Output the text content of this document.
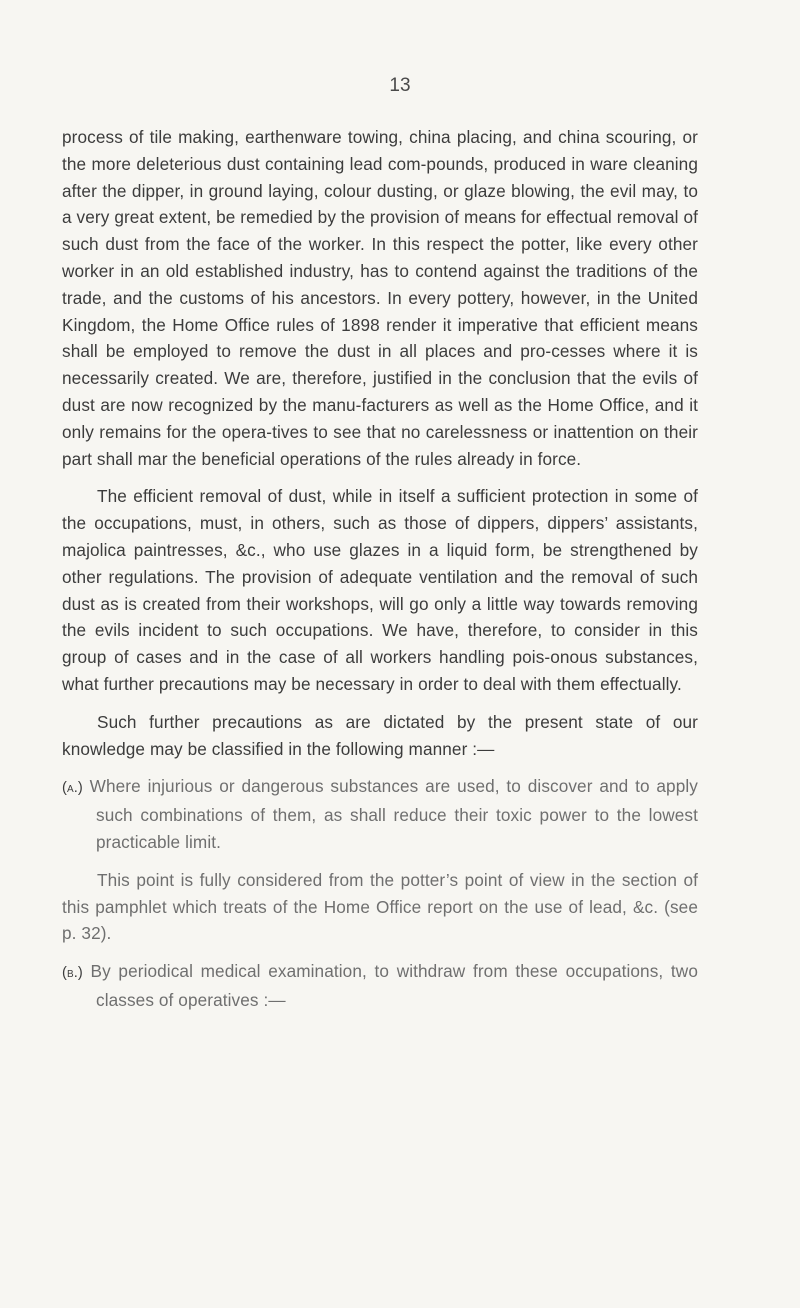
13

process of tile making, earthenware towing, china placing, and china scouring, or the more deleterious dust containing lead com-pounds, produced in ware cleaning after the dipper, in ground laying, colour dusting, or glaze blowing, the evil may, to a very great extent, be remedied by the provision of means for effectual removal of such dust from the face of the worker. In this respect the potter, like every other worker in an old established industry, has to contend against the traditions of the trade, and the customs of his ancestors. In every pottery, however, in the United Kingdom, the Home Office rules of 1898 render it imperative that efficient means shall be employed to remove the dust in all places and pro-cesses where it is necessarily created. We are, therefore, justified in the conclusion that the evils of dust are now recognized by the manu-facturers as well as the Home Office, and it only remains for the opera-tives to see that no carelessness or inattention on their part shall mar the beneficial operations of the rules already in force.

The efficient removal of dust, while in itself a sufficient protection in some of the occupations, must, in others, such as those of dippers, dippers’ assistants, majolica paintresses, &c., who use glazes in a liquid form, be strengthened by other regulations. The provision of adequate ventilation and the removal of such dust as is created from their workshops, will go only a little way towards removing the evils incident to such occupations. We have, therefore, to consider in this group of cases and in the case of all workers handling pois-onous substances, what further precautions may be necessary in order to deal with them effectually.

Such further precautions as are dictated by the present state of our knowledge may be classified in the following manner :—

(a.) Where injurious or dangerous substances are used, to discover and to apply such combinations of them, as shall reduce their toxic power to the lowest practicable limit.

This point is fully considered from the potter’s point of view in the section of this pamphlet which treats of the Home Office report on the use of lead, &c. (see p. 32).

(b.) By periodical medical examination, to withdraw from these occupations, two classes of operatives :—
